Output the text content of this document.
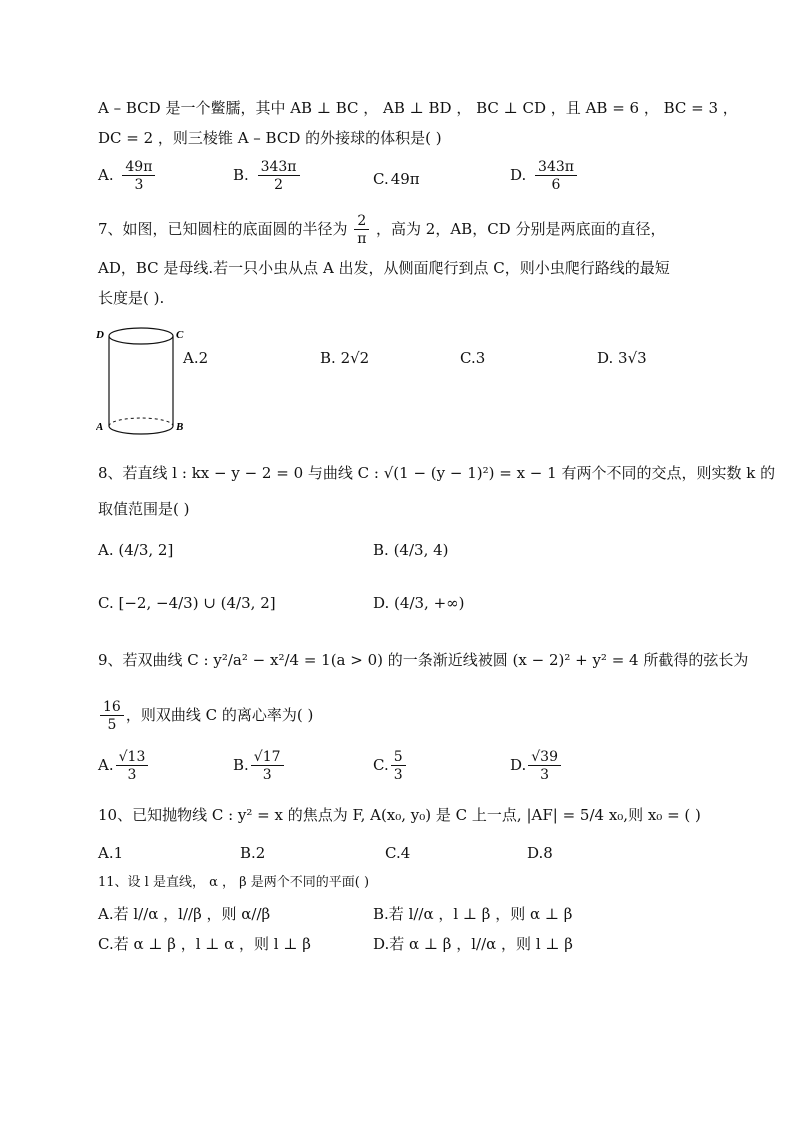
A – BCD 是一个鳖臑，其中 AB ⊥ BC ， AB ⊥ BD ， BC ⊥ CD ，且 AB = 6 ， BC = 3 ，
DC = 2 ，则三棱锥 A – BCD 的外接球的体积是( )
A. $\frac{49\pi}{3}$	B. $\frac{343\pi}{2}$	C. 49π	D. $\frac{343\pi}{6}$
7、如图，已知圆柱的底面圆的半径为 $\frac{2}{\pi}$ ，高为 2，AB，CD 分别是两底面的直径，
AD，BC 是母线.若一只小虫从点 A 出发，从侧面爬行到点 C，则小虫爬行路线的最短
长度是( ).
D	C
A	B
A.2	B. 2√2	C.3	D. 3√3
8、若直线 l : kx − y − 2 = 0 与曲线 C : √(1 − (y − 1)²) = x − 1 有两个不同的交点，则实数 k 的
取值范围是( )
A. (4/3, 2]	B. (4/3, 4)
C. [−2, −4/3) ∪ (4/3, 2]	D. (4/3, +∞)
9、若双曲线 C : y²/a² − x²/4 = 1(a > 0) 的一条渐近线被圆 (x − 2)² + y² = 4 所截得的弦长为
$\frac{16}{5}$ ，则双曲线 C 的离心率为( )
A. $\frac{√13}{3}$	B. $\frac{√17}{3}$	C. $\frac{5}{3}$	D. $\frac{√39}{3}$
10、已知抛物线 C : y² = x 的焦点为 F, A(x₀, y₀) 是 C 上一点, |AF| = 5/4 x₀,则 x₀ = ( )
A.1	B.2	C.4	D.8
11、设 l 是直线， α ， β 是两个不同的平面( )
A.若 l//α ，l//β ，则 α//β	B.若 l//α ，l ⊥ β ，则 α ⊥ β
C.若 α ⊥ β ，l ⊥ α ，则 l ⊥ β	D.若 α ⊥ β ，l//α ，则 l ⊥ β
